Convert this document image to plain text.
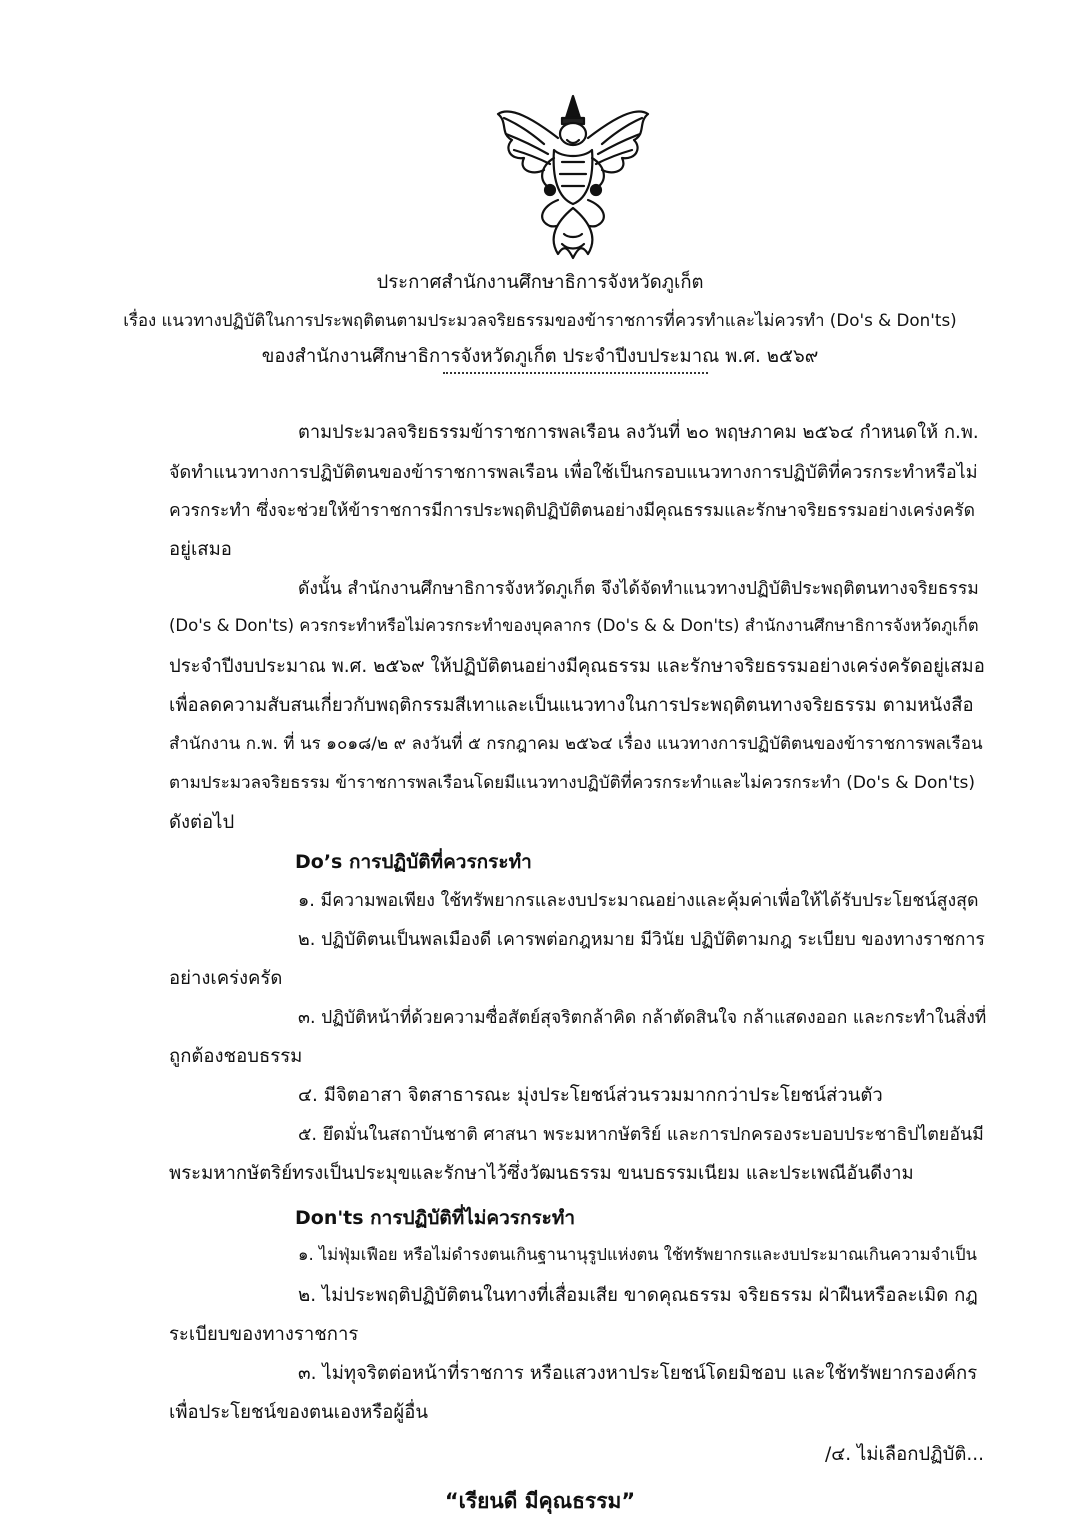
ประกาศสำนักงานศึกษาธิการจังหวัดภูเก็ต
เรื่อง แนวทางปฏิบัติในการประพฤติตนตามประมวลจริยธรรมของข้าราชการที่ควรทำและไม่ควรทำ (Do's & Don'ts)
ของสำนักงานศึกษาธิการจังหวัดภูเก็ต ประจำปีงบประมาณ พ.ศ. ๒๕๖๙
ตามประมวลจริยธรรมข้าราชการพลเรือน ลงวันที่ ๒๐ พฤษภาคม ๒๕๖๔ กำหนดให้ ก.พ.
จัดทำแนวทางการปฏิบัติตนของข้าราชการพลเรือน เพื่อใช้เป็นกรอบแนวทางการปฏิบัติที่ควรกระทำหรือไม่
ควรกระทำ ซึ่งจะช่วยให้ข้าราชการมีการประพฤติปฏิบัติตนอย่างมีคุณธรรมและรักษาจริยธรรมอย่างเคร่งครัด
อยู่เสมอ
ดังนั้น สำนักงานศึกษาธิการจังหวัดภูเก็ต จึงได้จัดทำแนวทางปฏิบัติประพฤติตนทางจริยธรรม
(Do's & Don'ts) ควรกระทำหรือไม่ควรกระทำของบุคลากร (Do's & & Don'ts) สำนักงานศึกษาธิการจังหวัดภูเก็ต
ประจำปีงบประมาณ พ.ศ. ๒๕๖๙ ให้ปฏิบัติตนอย่างมีคุณธรรม และรักษาจริยธรรมอย่างเคร่งครัดอยู่เสมอ
เพื่อลดความสับสนเกี่ยวกับพฤติกรรมสีเทาและเป็นแนวทางในการประพฤติตนทางจริยธรรม ตามหนังสือ
สำนักงาน ก.พ. ที่ นร ๑๐๑๘/๒ ๙ ลงวันที่ ๕ กรกฎาคม ๒๕๖๔ เรื่อง แนวทางการปฏิบัติตนของข้าราชการพลเรือน
ตามประมวลจริยธรรม ข้าราชการพลเรือนโดยมีแนวทางปฏิบัติที่ควรกระทำและไม่ควรกระทำ (Do's & Don'ts)
ดังต่อไป
Do’s การปฏิบัติที่ควรกระทำ
๑. มีความพอเพียง ใช้ทรัพยากรและงบประมาณอย่างและคุ้มค่าเพื่อให้ได้รับประโยชน์สูงสุด
๒. ปฏิบัติตนเป็นพลเมืองดี เคารพต่อกฎหมาย มีวินัย ปฏิบัติตามกฎ ระเบียบ ของทางราชการ
อย่างเคร่งครัด
๓. ปฏิบัติหน้าที่ด้วยความซื่อสัตย์สุจริตกล้าคิด กล้าตัดสินใจ กล้าแสดงออก และกระทำในสิ่งที่
ถูกต้องชอบธรรม
๔. มีจิตอาสา จิตสาธารณะ มุ่งประโยชน์ส่วนรวมมากกว่าประโยชน์ส่วนตัว
๕. ยึดมั่นในสถาบันชาติ ศาสนา พระมหากษัตริย์ และการปกครองระบอบประชาธิปไตยอันมี
พระมหากษัตริย์ทรงเป็นประมุขและรักษาไว้ซึ่งวัฒนธรรม ขนบธรรมเนียม และประเพณีอันดีงาม
Don'ts การปฏิบัติที่ไม่ควรกระทำ
๑. ไม่ฟุ่มเฟือย หรือไม่ดำรงตนเกินฐานานุรูปแห่งตน ใช้ทรัพยากรและงบประมาณเกินความจำเป็น
๒. ไม่ประพฤติปฏิบัติตนในทางที่เสื่อมเสีย ขาดคุณธรรม จริยธรรม ฝ่าฝืนหรือละเมิด กฎ
ระเบียบของทางราชการ
๓. ไม่ทุจริตต่อหน้าที่ราชการ หรือแสวงหาประโยชน์โดยมิชอบ และใช้ทรัพยากรองค์กร
เพื่อประโยชน์ของตนเองหรือผู้อื่น
/๔. ไม่เลือกปฏิบัติ...
“เรียนดี มีคุณธรรม”
